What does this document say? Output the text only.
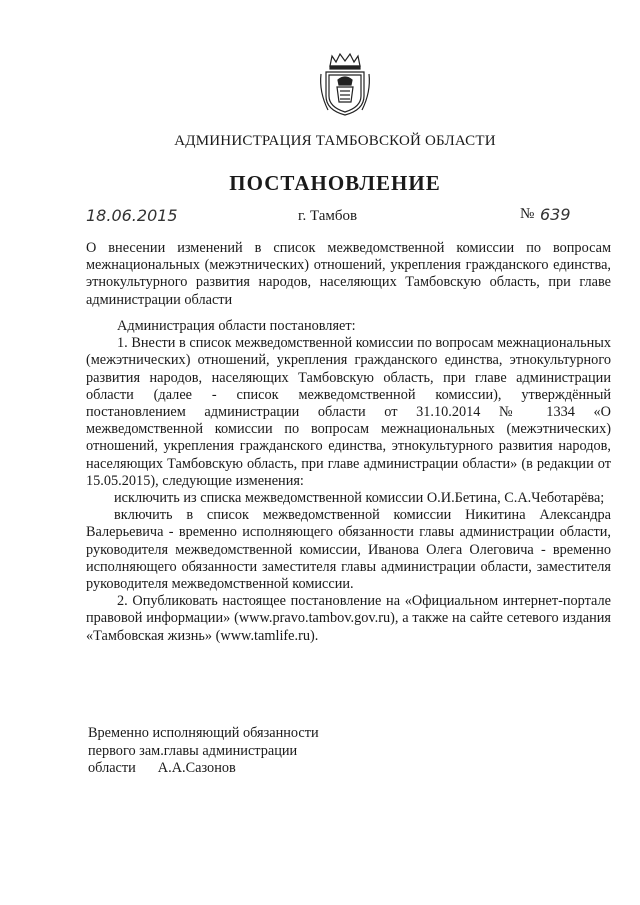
АДМИНИСТРАЦИЯ ТАМБОВСКОЙ ОБЛАСТИ
ПОСТАНОВЛЕНИЕ
18.06.2015	г. Тамбов	№ 639
О внесении изменений в список межведомственной комиссии по вопросам межнациональных (межэтнических) отношений, укрепления гражданского единства, этнокультурного развития народов, населяющих Тамбовскую область, при главе администрации области

Администрация области постановляет:

1. Внести в список межведомственной комиссии по вопросам межнациональных (межэтнических) отношений, укрепления гражданского единства, этнокультурного развития народов, населяющих Тамбовскую область, при главе администрации области (далее - список межведомственной комиссии), утверждённый постановлением администрации области от 31.10.2014 № 1334 «О межведомственной комиссии по вопросам межнациональных (межэтнических) отношений, укрепления гражданского единства, этнокультурного развития народов, населяющих Тамбовскую область, при главе администрации области» (в редакции от 15.05.2015), следующие изменения:

исключить из списка межведомственной комиссии О.И.Бетина, С.А.Чеботарёва;

включить в список межведомственной комиссии Никитина Александра Валерьевича - временно исполняющего обязанности главы администрации области, руководителя межведомственной комиссии, Иванова Олега Олеговича - временно исполняющего обязанности заместителя главы администрации области, заместителя руководителя межведомственной комиссии.

2. Опубликовать настоящее постановление на «Официальном интернет-портале правовой информации» (www.pravo.tambov.gov.ru), а также на сайте сетевого издания «Тамбовская жизнь» (www.tamlife.ru).

Временно исполняющий обязанности
первого зам.главы администрации
области А.А.Сазонов
